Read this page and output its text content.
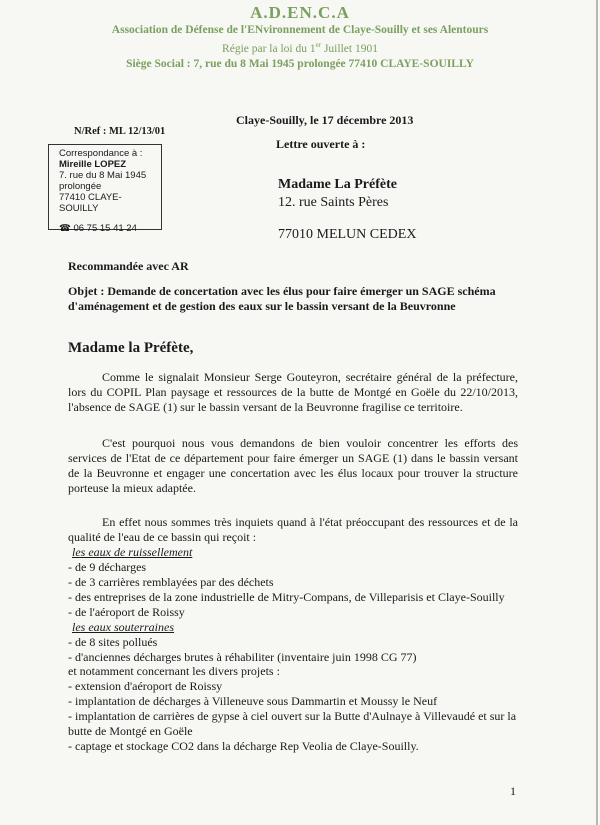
A.D.EN.C.A
Association de Défense de l'ENvironnement de Claye-Souilly et ses Alentours
Régie par la loi du 1er Juillet 1901
Siège Social : 7, rue du 8 Mai 1945 prolongée 77410 CLAYE-SOUILLY
N/Ref : ML 12/13/01
Correspondance à :
Mireille LOPEZ
7. rue du 8 Mai 1945
prolongée
77410 CLAYE-SOUILLY
☎ 06 75 15 41 24
Claye-Souilly, le 17 décembre 2013
Lettre ouverte à :
Madame La Préfète
12. rue Saints Pères
77010 MELUN CEDEX
Recommandée avec AR
Objet : Demande de concertation avec les élus pour faire émerger un SAGE schéma d'aménagement et de gestion des eaux sur le bassin versant de la Beuvronne
Madame la Préfète,
Comme le signalait Monsieur Serge Gouteyron, secrétaire général de la préfecture, lors du COPIL Plan paysage et ressources de la butte de Montgé en Goële du 22/10/2013, l'absence de SAGE (1) sur le bassin versant de la Beuvronne fragilise ce territoire.
C'est pourquoi nous vous demandons de bien vouloir concentrer les efforts des services de l'Etat de ce département pour faire émerger un SAGE (1) dans le bassin versant de la Beuvronne et engager une concertation avec les élus locaux pour trouver la structure porteuse la mieux adaptée.
En effet nous sommes très inquiets quand à l'état préoccupant des ressources et de la qualité de l'eau de ce bassin qui reçoit :
les eaux de ruissellement
- de 9 décharges
- de 3 carrières remblayées par des déchets
- des entreprises de la zone industrielle de Mitry-Compans, de Villeparisis et Claye-Souilly
- de l'aéroport de Roissy
les eaux souterraines
- de 8 sites pollués
- d'anciennes décharges brutes à réhabiliter (inventaire juin 1998 CG 77)
et notamment concernant les divers projets :
- extension d'aéroport de Roissy
- implantation de décharges à Villeneuve sous Dammartin et Moussy le Neuf
- implantation de carrières de gypse à ciel ouvert sur la Butte d'Aulnaye à Villevaudé et sur la butte de Montgé en Goële
- captage et stockage CO2 dans la décharge Rep Veolia de Claye-Souilly.
1
